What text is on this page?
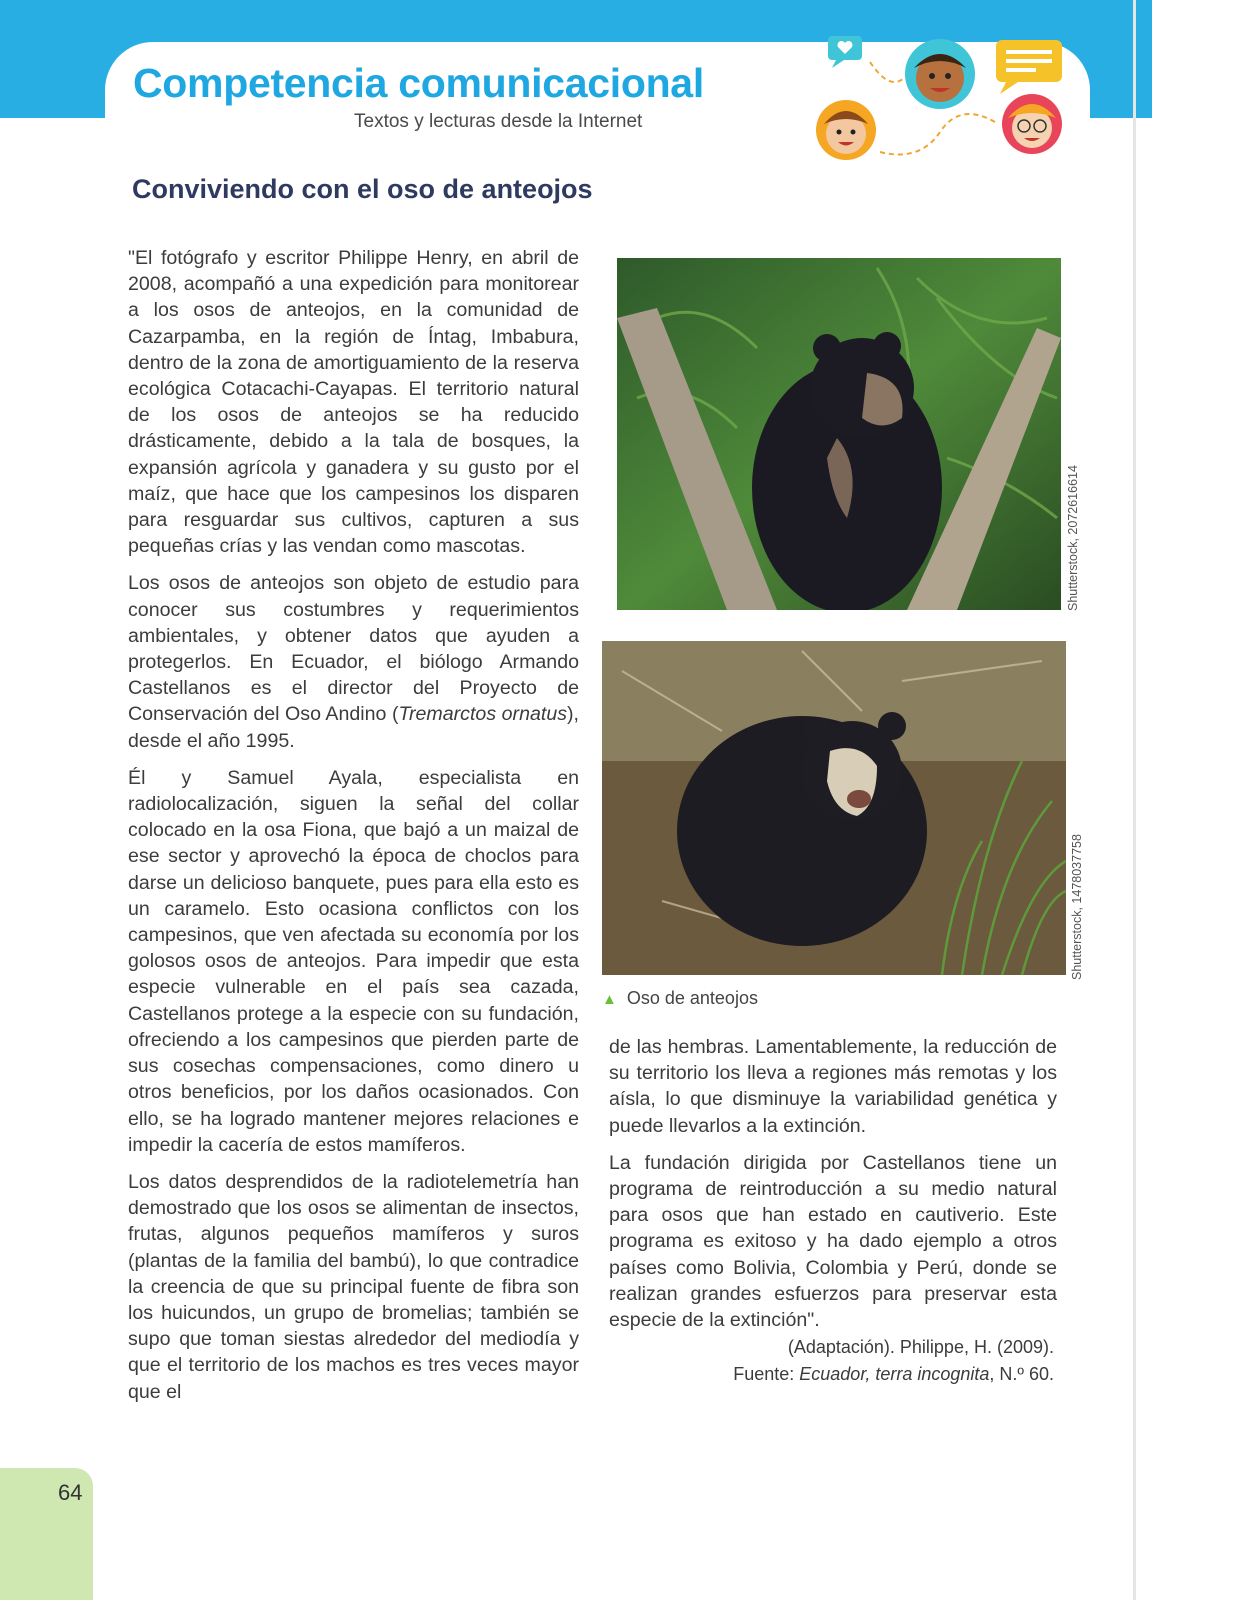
Competencia comunicacional
Textos y lecturas desde la Internet
Conviviendo con el oso de anteojos

"El fotógrafo y escritor Philippe Henry, en abril de 2008, acompañó a una expedición para monitorear a los osos de anteojos, en la comunidad de Cazarpamba, en la región de Íntag, Imbabura, dentro de la zona de amortiguamiento de la reserva ecológica Cotacachi-Cayapas. El territorio natural de los osos de anteojos se ha reducido drásticamente, debido a la tala de bosques, la expansión agrícola y ganadera y su gusto por el maíz, que hace que los campesinos los disparen para resguardar sus cultivos, capturen a sus pequeñas crías y las vendan como mascotas.

Los osos de anteojos son objeto de estudio para conocer sus costumbres y requerimientos ambientales, y obtener datos que ayuden a protegerlos. En Ecuador, el biólogo Armando Castellanos es el director del Proyecto de Conservación del Oso Andino (Tremarctos ornatus), desde el año 1995.

Él y Samuel Ayala, especialista en radiolocalización, siguen la señal del collar colocado en la osa Fiona, que bajó a un maizal de ese sector y aprovechó la época de choclos para darse un delicioso banquete, pues para ella esto es un caramelo. Esto ocasiona conflictos con los campesinos, que ven afectada su economía por los golosos osos de anteojos. Para impedir que esta especie vulnerable en el país sea cazada, Castellanos protege a la especie con su fundación, ofreciendo a los campesinos que pierden parte de sus cosechas compensaciones, como dinero u otros beneficios, por los daños ocasionados. Con ello, se ha logrado mantener mejores relaciones e impedir la cacería de estos mamíferos.

Los datos desprendidos de la radiotelemetría han demostrado que los osos se alimentan de insectos, frutas, algunos pequeños mamíferos y suros (plantas de la familia del bambú), lo que contradice la creencia de que su principal fuente de fibra son los huicundos, un grupo de bromelias; también se supo que toman siestas alrededor del mediodía y que el territorio de los machos es tres veces mayor que el

Shutterstock, 2072616614
Shutterstock, 1478037758
▲ Oso de anteojos

de las hembras. Lamentablemente, la reducción de su territorio los lleva a regiones más remotas y los aísla, lo que disminuye la variabilidad genética y puede llevarlos a la extinción.

La fundación dirigida por Castellanos tiene un programa de reintroducción a su medio natural para osos que han estado en cautiverio. Este programa es exitoso y ha dado ejemplo a otros países como Bolivia, Colombia y Perú, donde se realizan grandes esfuerzos para preservar esta especie de la extinción".

(Adaptación). Philippe, H. (2009).
Fuente: Ecuador, terra incognita, N.º 60.
64
